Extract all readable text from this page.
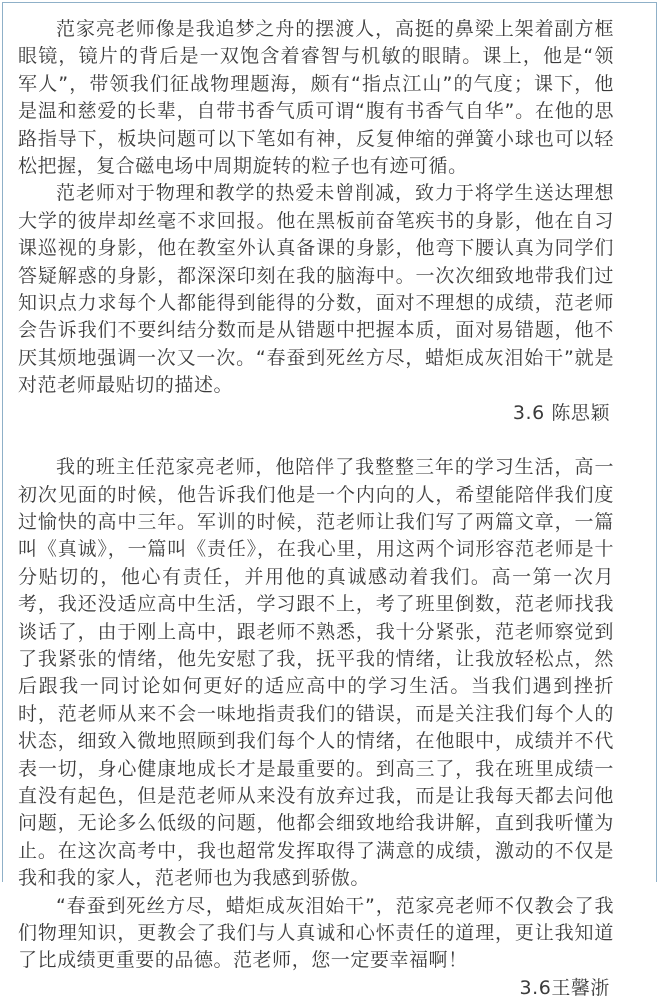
范家亮老师像是我追梦之舟的摆渡人，高挺的鼻梁上架着副方框眼镜，镜片的背后是一双饱含着睿智与机敏的眼睛。课上，他是“领军人”，带领我们征战物理题海，颇有“指点江山”的气度；课下，他是温和慈爱的长辈，自带书香气质可谓“腹有书香气自华”。在他的思路指导下，板块问题可以下笔如有神，反复伸缩的弹簧小球也可以轻松把握，复合磁电场中周期旋转的粒子也有迹可循。

范老师对于物理和教学的热爱未曾削减，致力于将学生送达理想大学的彼岸却丝毫不求回报。他在黑板前奋笔疾书的身影，他在自习课巡视的身影，他在教室外认真备课的身影，他弯下腰认真为同学们答疑解惑的身影，都深深印刻在我的脑海中。一次次细致地带我们过知识点力求每个人都能得到能得的分数，面对不理想的成绩，范老师会告诉我们不要纠结分数而是从错题中把握本质，面对易错题，他不厌其烦地强调一次又一次。“春蚕到死丝方尽，蜡炬成灰泪始干”就是对范老师最贴切的描述。

3.6 陈思颖

我的班主任范家亮老师，他陪伴了我整整三年的学习生活，高一初次见面的时候，他告诉我们他是一个内向的人，希望能陪伴我们度过愉快的高中三年。军训的时候，范老师让我们写了两篇文章，一篇叫《真诚》，一篇叫《责任》，在我心里，用这两个词形容范老师是十分贴切的，他心有责任，并用他的真诚感动着我们。高一第一次月考，我还没适应高中生活，学习跟不上，考了班里倒数，范老师找我谈话了，由于刚上高中，跟老师不熟悉，我十分紧张，范老师察觉到了我紧张的情绪，他先安慰了我，抚平我的情绪，让我放轻松点，然后跟我一同讨论如何更好的适应高中的学习生活。当我们遇到挫折时，范老师从来不会一味地指责我们的错误，而是关注我们每个人的状态，细致入微地照顾到我们每个人的情绪，在他眼中，成绩并不代表一切，身心健康地成长才是最重要的。到高三了，我在班里成绩一直没有起色，但是范老师从来没有放弃过我，而是让我每天都去问他问题，无论多么低级的问题，他都会细致地给我讲解，直到我听懂为止。在这次高考中，我也超常发挥取得了满意的成绩，激动的不仅是我和我的家人，范老师也为我感到骄傲。

“春蚕到死丝方尽，蜡炬成灰泪始干”，范家亮老师不仅教会了我们物理知识，更教会了我们与人真诚和心怀责任的道理，更让我知道了比成绩更重要的品德。范老师，您一定要幸福啊！

3.6王馨浙
